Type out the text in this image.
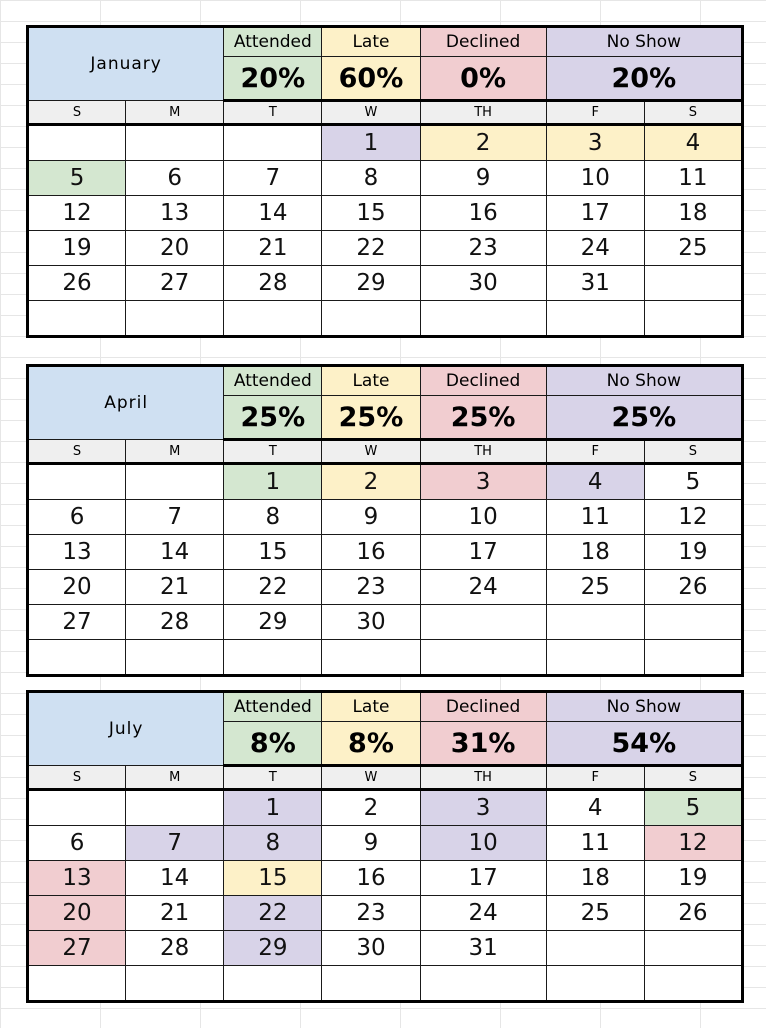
January		Attended	Late	Declined	No Show	
		20%	60%	0%	20%	
S	M	T	W	TH	F	S
			1	2	3	4
5	6	7	8	9	10	11
12	13	14	15	16	17	18
19	20	21	22	23	24	25
26	27	28	29	30	31	

April		Attended	Late	Declined	No Show	
		25%	25%	25%	25%	
S	M	T	W	TH	F	S
		1	2	3	4	5
6	7	8	9	10	11	12
13	14	15	16	17	18	19
20	21	22	23	24	25	26
27	28	29	30			

July		Attended	Late	Declined	No Show	
		8%	8%	31%	54%	
S	M	T	W	TH	F	S
		1	2	3	4	5
6	7	8	9	10	11	12
13	14	15	16	17	18	19
20	21	22	23	24	25	26
27	28	29	30	31		
